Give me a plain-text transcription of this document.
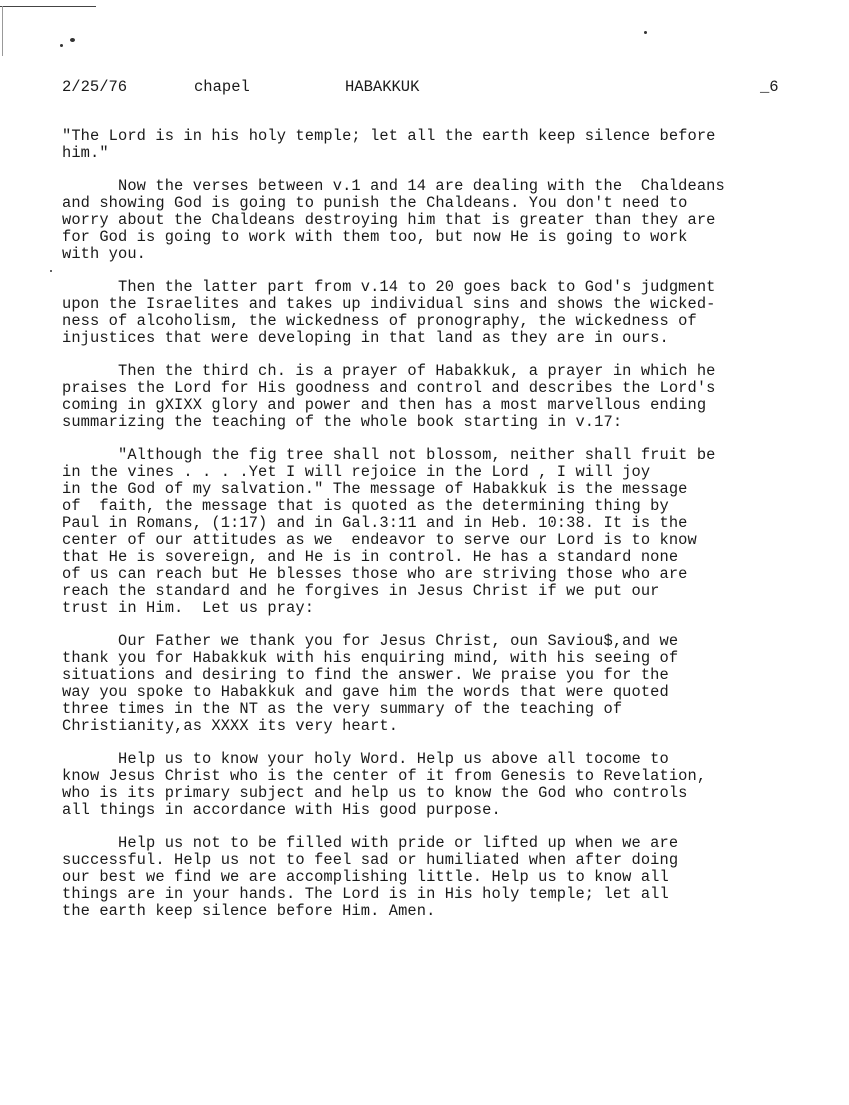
2/25/76	chapel	HABAKKUK	_6

"The Lord is in his holy temple; let all the earth keep silence before
him."

Now the verses between v.1 and 14 are dealing with the  Chaldeans
and showing God is going to punish the Chaldeans. You don't need to
worry about the Chaldeans destroying him that is greater than they are
for God is going to work with them too, but now He is going to work
with you.

Then the latter part from v.14 to 20 goes back to God's judgment
upon the Israelites and takes up individual sins and shows the wicked-
ness of alcoholism, the wickedness of pronography, the wickedness of
injustices that were developing in that land as they are in ours.

Then the third ch. is a prayer of Habakkuk, a prayer in which he
praises the Lord for His goodness and control and describes the Lord's
coming in gXIXX glory and power and then has a most marvellous ending
summarizing the teaching of the whole book starting in v.17:

"Although the fig tree shall not blossom, neither shall fruit be
in the vines . . . .Yet I will rejoice in the Lord , I will joy
in the God of my salvation." The message of Habakkuk is the message
of  faith, the message that is quoted as the determining thing by
Paul in Romans, (1:17) and in Gal.3:11 and in Heb. 10:38. It is the
center of our attitudes as we  endeavor to serve our Lord is to know
that He is sovereign, and He is in control. He has a standard none
of us can reach but He blesses those who are striving those who are
reach the standard and he forgives in Jesus Christ if we put our
trust in Him.  Let us pray:

Our Father we thank you for Jesus Christ, oun Saviou$,and we
thank you for Habakkuk with his enquiring mind, with his seeing of
situations and desiring to find the answer. We praise you for the
way you spoke to Habakkuk and gave him the words that were quoted
three times in the NT as the very summary of the teaching of
Christianity,as XXXX its very heart.

Help us to know your holy Word. Help us above all tocome to
know Jesus Christ who is the center of it from Genesis to Revelation,
who is its primary subject and help us to know the God who controls
all things in accordance with His good purpose.

Help us not to be filled with pride or lifted up when we are
successful. Help us not to feel sad or humiliated when after doing
our best we find we are accomplishing little. Help us to know all
things are in your hands. The Lord is in His holy temple; let all
the earth keep silence before Him. Amen.
